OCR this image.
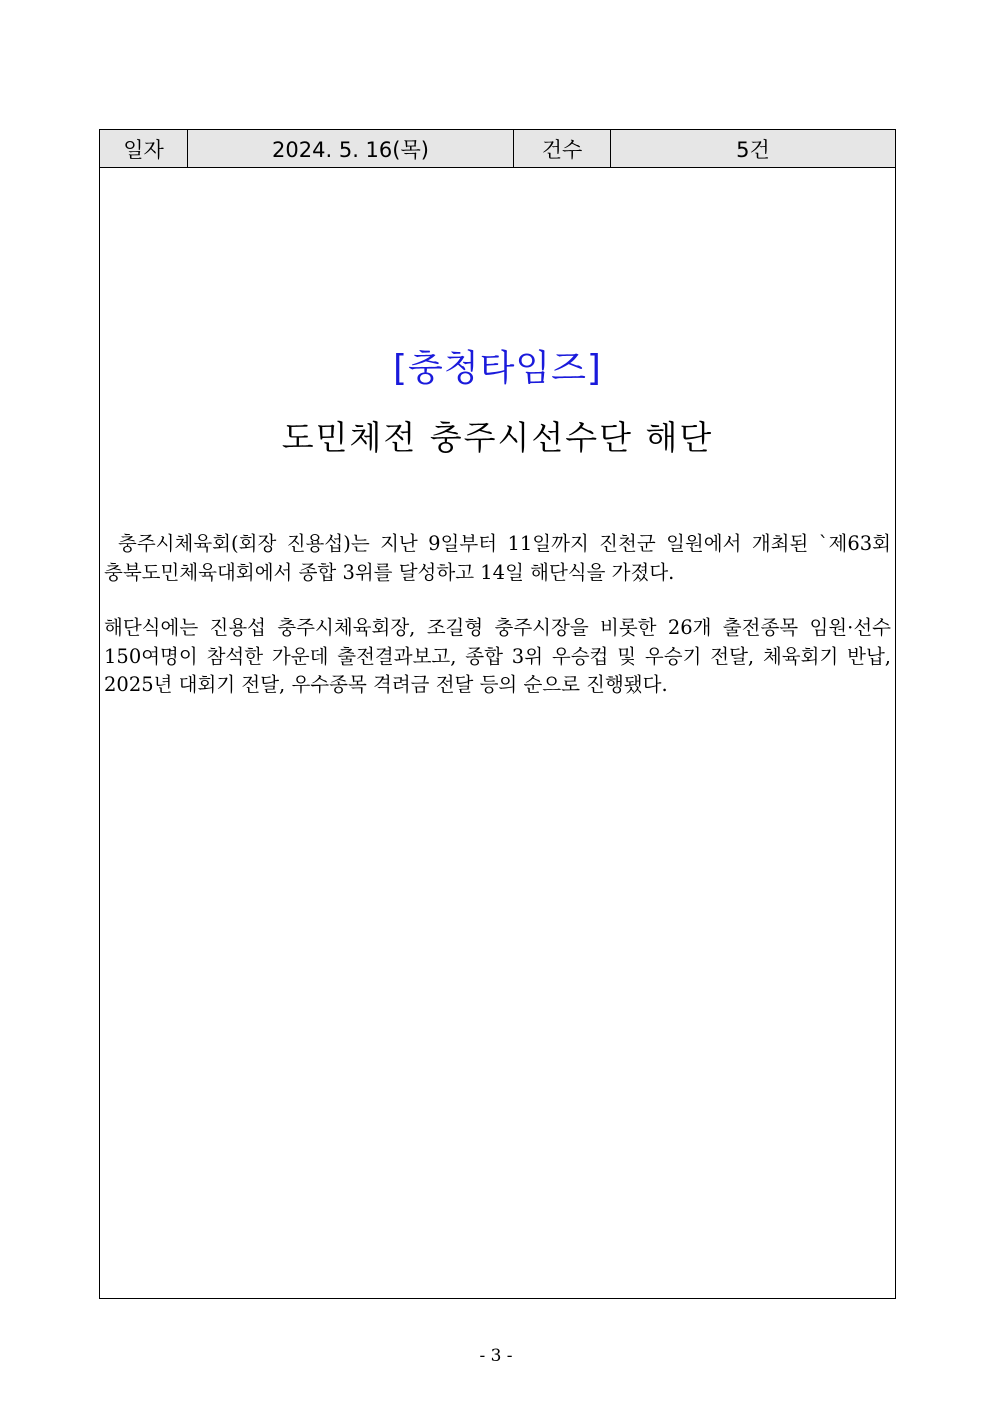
일자	2024. 5. 16(목)	건수	5건
[충청타임즈]
도민체전 충주시선수단 해단

충주시체육회(회장 진용섭)는 지난 9일부터 11일까지 진천군 일원에서 개최된 `제63회 충북도민체육대회에서 종합 3위를 달성하고 14일 해단식을 가졌다.

해단식에는 진용섭 충주시체육회장, 조길형 충주시장을 비롯한 26개 출전종목 임원·선수 150여명이 참석한 가운데 출전결과보고, 종합 3위 우승컵 및 우승기 전달, 체육회기 반납, 2025년 대회기 전달, 우수종목 격려금 전달 등의 순으로 진행됐다.

- 3 -
